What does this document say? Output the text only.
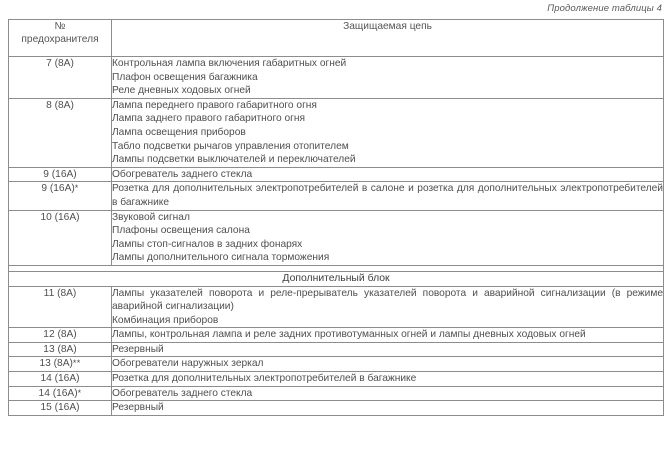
Продолжение таблицы 4
№
предохранителя	Защищаемая цепь
7 (8A)	Контрольная лампа включения габаритных огней
Плафон освещения багажника
Реле дневных ходовых огней

8 (8A)	Лампа переднего правого габаритного огня
Лампа заднего правого габаритного огня
Лампа освещения приборов
Табло подсветки рычагов управления отопителем
Лампы подсветки выключателей и переключателей

9 (16A)	Обогреватель заднего стекла

9 (16A)*	Розетка для дополнительных электропотребителей в салоне и розетка для дополнительных электропотребителей в багажнике

10 (16A)	Звуковой сигнал
Плафоны освещения салона
Лампы стоп-сигналов в задних фонарях
Лампы дополнительного сигнала торможения

Дополнительный блок	
11 (8A)	Лампы указателей поворота и реле-прерыватель указателей поворота и аварийной сигнализации (в режиме аварийной сигнализации)
Комбинация приборов

12 (8A)	Лампы, контрольная лампа и реле задних противотуманных огней и лампы дневных ходовых огней

13 (8A)	Резервный

13 (8A)**	Обогреватели наружных зеркал

14 (16A)	Розетка для дополнительных электропотребителей в багажнике

14 (16A)*	Обогреватель заднего стекла

15 (16A)	Резервный
